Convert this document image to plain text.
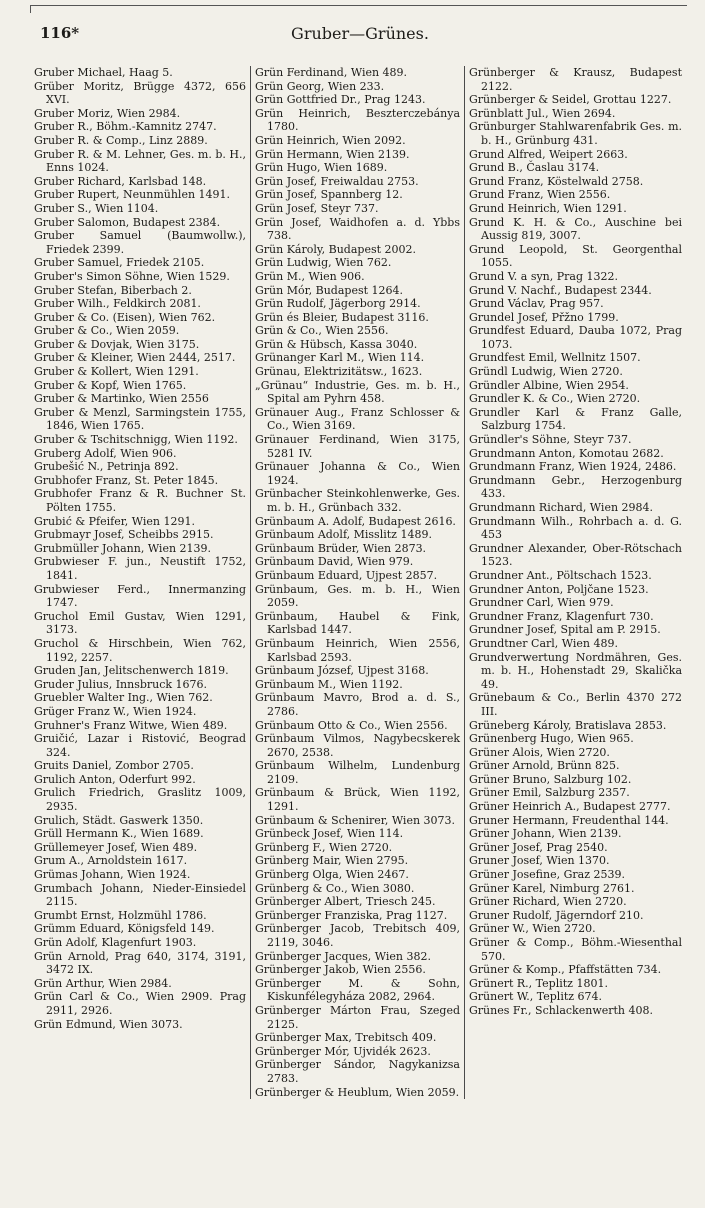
116*	Gruber—Grünes.

Gruber Michael, Haag 5.

Grüber Moritz, Brügge 4372, 656 XVI.

Gruber Moriz, Wien 2984.

Gruber R., Böhm.-Kamnitz 2747.

Gruber R. & Comp., Linz 2889.

Gruber R. & M. Lehner, Ges. m. b. H., Enns 1024.

Gruber Richard, Karlsbad 148.

Gruber Rupert, Neunmühlen 1491.

Gruber S., Wien 1104.

Gruber Salomon, Budapest 2384.

Gruber Samuel (Baumwollw.), Friedek 2399.

Gruber Samuel, Friedek 2105.

Gruber's Simon Söhne, Wien 1529.

Gruber Stefan, Biberbach 2.

Gruber Wilh., Feldkirch 2081.

Gruber & Co. (Eisen), Wien 762.

Gruber & Co., Wien 2059.

Gruber & Dovjak, Wien 3175.

Gruber & Kleiner, Wien 2444, 2517.

Gruber & Kollert, Wien 1291.

Gruber & Kopf, Wien 1765.

Gruber & Martinko, Wien 2556

Gruber & Menzl, Sarmingstein 1755, 1846, Wien 1765.

Gruber & Tschitschnigg, Wien 1192.

Gruberg Adolf, Wien 906.

Grubešić N., Petrinja 892.

Grubhofer Franz, St. Peter 1845.

Grubhofer Franz & R. Buchner St. Pölten 1755.

Grubić & Pfeifer, Wien 1291.

Grubmayr Josef, Scheibbs 2915.

Grubmüller Johann, Wien 2139.

Grubwieser F. jun., Neustift 1752, 1841.

Grubwieser Ferd., Innermanzing 1747.

Gruchol Emil Gustav, Wien 1291, 3173.

Gruchol & Hirschbein, Wien 762, 1192, 2257.

Gruden Jan, Jelitschenwerch 1819.

Gruder Julius, Innsbruck 1676.

Gruebler Walter Ing., Wien 762.

Grüger Franz W., Wien 1924.

Gruhner's Franz Witwe, Wien 489.

Gruičić, Lazar i Ristović, Beograd 324.

Gruits Daniel, Zombor 2705.

Grulich Anton, Oderfurt 992.

Grulich Friedrich, Graslitz 1009, 2935.

Grulich, Städt. Gaswerk 1350.

Grüll Hermann K., Wien 1689.

Grüllemeyer Josef, Wien 489.

Grum A., Arnoldstein 1617.

Grümas Johann, Wien 1924.

Grumbach Johann, Nieder-Einsiedel 2115.

Grumbt Ernst, Holzmühl 1786.

Grümm Eduard, Königsfeld 149.

Grün Adolf, Klagenfurt 1903.

Grün Arnold, Prag 640, 3174, 3191, 3472 IX.

Grün Arthur, Wien 2984.

Grün Carl & Co., Wien 2909. Prag 2911, 2926.

Grün Edmund, Wien 3073.

Grün Ferdinand, Wien 489.

Grün Georg, Wien 233.

Grün Gottfried Dr., Prag 1243.

Grün Heinrich, Beszterczebánya 1780.

Grün Heinrich, Wien 2092.

Grün Hermann, Wien 2139.

Grün Hugo, Wien 1689.

Grün Josef, Freiwaldau 2753.

Grün Josef, Spannberg 12.

Grün Josef, Steyr 737.

Grün Josef, Waidhofen a. d. Ybbs 738.

Grün Károly, Budapest 2002.

Grün Ludwig, Wien 762.

Grün M., Wien 906.

Grün Mór, Budapest 1264.

Grün Rudolf, Jägerborg 2914.

Grün és Bleier, Budapest 3116.

Grün & Co., Wien 2556.

Grün & Hübsch, Kassa 3040.

Grünanger Karl M., Wien 114.

Grünau, Elektrizitätsw., 1623.

„Grünau“ Industrie, Ges. m. b. H., Spital am Pyhrn 458.

Grünauer Aug., Franz Schlosser & Co., Wien 3169.

Grünauer Ferdinand, Wien 3175, 5281 IV.

Grünauer Johanna & Co., Wien 1924.

Grünbacher Steinkohlenwerke, Ges. m. b. H., Grünbach 332.

Grünbaum A. Adolf, Budapest 2616.

Grünbaum Adolf, Misslitz 1489.

Grünbaum Brüder, Wien 2873.

Grünbaum David, Wien 979.

Grünbaum Eduard, Ujpest 2857.

Grünbaum, Ges. m. b. H., Wien 2059.

Grünbaum, Haubel & Fink, Karlsbad 1447.

Grünbaum Heinrich, Wien 2556, Karlsbad 2593.

Grünbaum József, Ujpest 3168.

Grünbaum M., Wien 1192.

Grünbaum Mavro, Brod a. d. S., 2786.

Grünbaum Otto & Co., Wien 2556.

Grünbaum Vilmos, Nagybecskerek 2670, 2538.

Grünbaum Wilhelm, Lundenburg 2109.

Grünbaum & Brück, Wien 1192, 1291.

Grünbaum & Schenirer, Wien 3073.

Grünbeck Josef, Wien 114.

Grünberg F., Wien 2720.

Grünberg Mair, Wien 2795.

Grünberg Olga, Wien 2467.

Grünberg & Co., Wien 3080.

Grünberger Albert, Triesch 245.

Grünberger Franziska, Prag 1127.

Grünberger Jacob, Trebitsch 409, 2119, 3046.

Grünberger Jacques, Wien 382.

Grünberger Jakob, Wien 2556.

Grünberger M. & Sohn, Kiskunfélegyháza 2082, 2964.

Grünberger Márton Frau, Szeged 2125.

Grünberger Max, Trebitsch 409.

Grünberger Mór, Ujvidék 2623.

Grünberger Sándor, Nagykanizsa 2783.

Grünberger & Heublum, Wien 2059.

Grünberger & Krausz, Budapest 2122.

Grünberger & Seidel, Grottau 1227.

Grünblatt Jul., Wien 2694.

Grünburger Stahlwarenfabrik Ges. m. b. H., Grünburg 431.

Grund Alfred, Weipert 2663.

Grund B., Časlau 3174.

Grund Franz, Köstelwald 2758.

Grund Franz, Wien 2556.

Grund Heinrich, Wien 1291.

Grund K. H. & Co., Auschine bei Aussig 819, 3007.

Grund Leopold, St. Georgenthal 1055.

Grund V. a syn, Prag 1322.

Grund V. Nachf., Budapest 2344.

Grund Václav, Prag 957.

Grundel Josef, Přžno 1799.

Grundfest Eduard, Dauba 1072, Prag 1073.

Grundfest Emil, Wellnitz 1507.

Gründl Ludwig, Wien 2720.

Gründler Albine, Wien 2954.

Grundler K. & Co., Wien 2720.

Grundler Karl & Franz Galle, Salzburg 1754.

Gründler's Söhne, Steyr 737.

Grundmann Anton, Komotau 2682.

Grundmann Franz, Wien 1924, 2486.

Grundmann Gebr., Herzogenburg 433.

Grundmann Richard, Wien 2984.

Grundmann Wilh., Rohrbach a. d. G. 453

Grundner Alexander, Ober-Rötschach 1523.

Grundner Ant., Pöltschach 1523.

Grundner Anton, Poljčane 1523.

Grundner Carl, Wien 979.

Grundner Franz, Klagenfurt 730.

Grundner Josef, Spital am P. 2915.

Grundtner Carl, Wien 489.

Grundverwertung Nordmähren, Ges. m. b. H., Hohenstadt 29, Skalička 49.

Grünebaum & Co., Berlin 4370 272 III.

Grüneberg Károly, Bratislava 2853.

Grünenberg Hugo, Wien 965.

Grüner Alois, Wien 2720.

Grüner Arnold, Brünn 825.

Grüner Bruno, Salzburg 102.

Grüner Emil, Salzburg 2357.

Grüner Heinrich A., Budapest 2777.

Gruner Hermann, Freudenthal 144.

Grüner Johann, Wien 2139.

Grüner Josef, Prag 2540.

Gruner Josef, Wien 1370.

Grüner Josefine, Graz 2539.

Grüner Karel, Nimburg 2761.

Grüner Richard, Wien 2720.

Gruner Rudolf, Jägerndorf 210.

Grüner W., Wien 2720.

Grüner & Comp., Böhm.-Wiesenthal 570.

Grüner & Komp., Pfaffstätten 734.

Grünert R., Teplitz 1801.

Grünert W., Teplitz 674.

Grünes Fr., Schlackenwerth 408.
